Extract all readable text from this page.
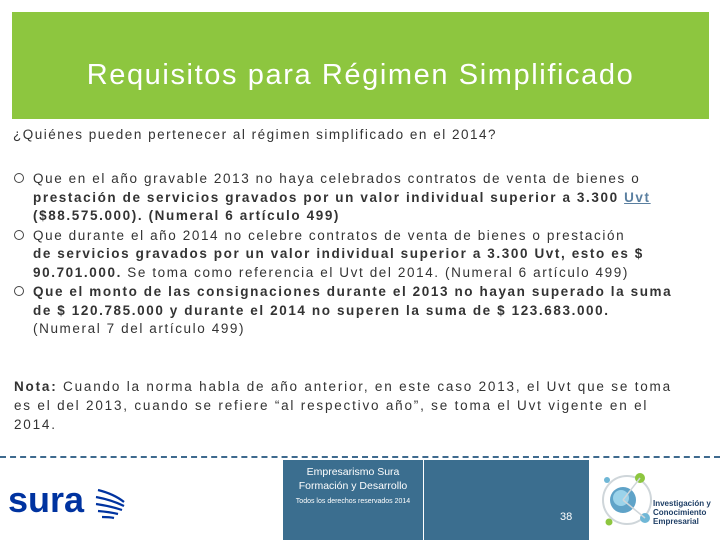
Requisitos para Régimen Simplificado
¿Quiénes pueden pertenecer al régimen simplificado en el 2014?
Que en el año gravable 2013 no haya celebrados contratos de venta de bienes o
prestación de servicios gravados por un valor individual superior a 3.300 Uvt
($88.575.000). (Numeral 6 artículo 499)
Que durante el año 2014 no celebre contratos de venta de bienes o prestación
de servicios gravados por un valor individual superior a 3.300 Uvt, esto es $
90.701.000. Se toma como referencia el Uvt del 2014. (Numeral 6 artículo 499)
Que el monto de las consignaciones durante el 2013 no hayan superado la suma
de $ 120.785.000 y durante el 2014 no superen la suma de $ 123.683.000.
(Numeral 7 del artículo 499)
Nota: Cuando la norma habla de año anterior, en este caso 2013, el Uvt que se toma
es el del 2013, cuando se refiere “al respectivo año”, se toma el Uvt vigente en el
2014.
sura
Empresarismo Sura
Formación y Desarrollo
Todos los derechos reservados 2014
38
Investigación y
Conocimiento
Empresarial
